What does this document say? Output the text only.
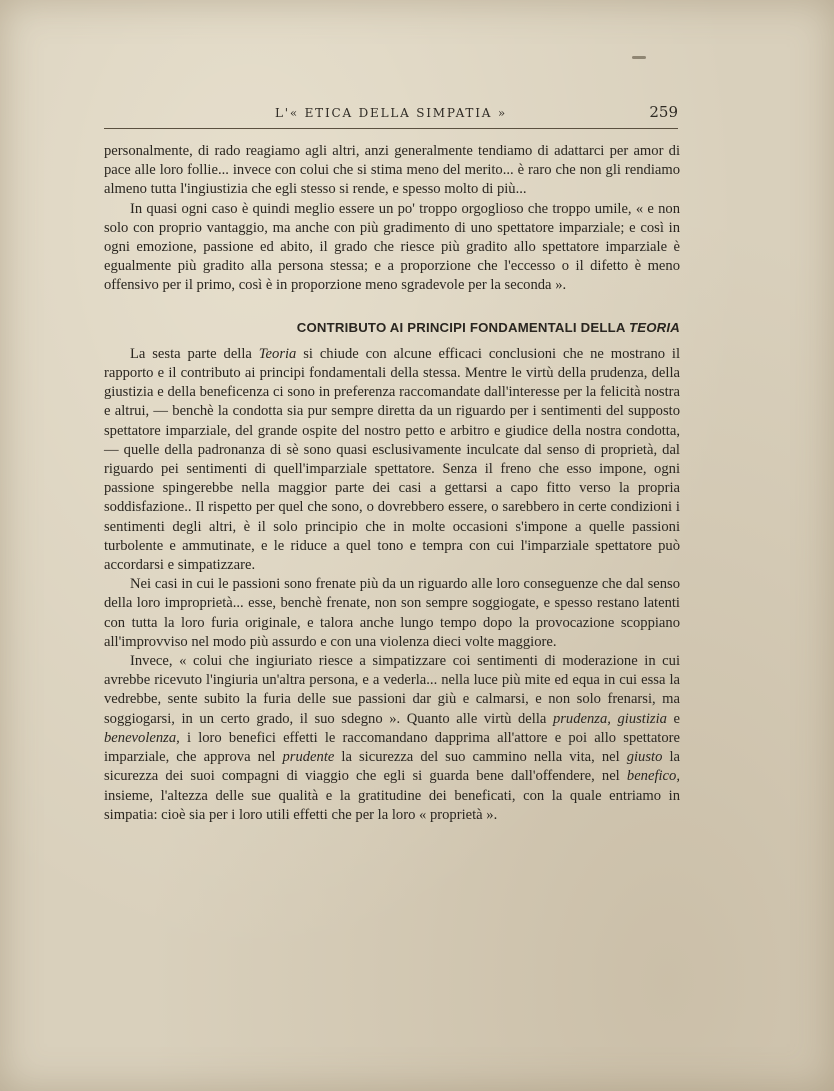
L'« ETICA DELLA SIMPATIA »	259

personalmente, di rado reagiamo agli altri, anzi generalmente tendiamo di adattarci per amor di pace alle loro follie... invece con colui che si stima meno del merito... è raro che non gli rendiamo almeno tutta l'ingiustizia che egli stesso si rende, e spesso molto di più...

In quasi ogni caso è quindi meglio essere un po' troppo orgoglioso che troppo umile, « e non solo con proprio vantaggio, ma anche con più gradimento di uno spettatore imparziale; e così in ogni emozione, passione ed abito, il grado che riesce più gradito allo spettatore imparziale è egualmente più gradito alla persona stessa; e a proporzione che l'eccesso o il difetto è meno offensivo per il primo, così è in proporzione meno sgradevole per la seconda ».

CONTRIBUTO AI PRINCIPI FONDAMENTALI DELLA TEORIA

La sesta parte della Teoria si chiude con alcune efficaci conclusioni che ne mostrano il rapporto e il contributo ai principi fondamentali della stessa. Mentre le virtù della prudenza, della giustizia e della beneficenza ci sono in preferenza raccomandate dall'interesse per la felicità nostra e altrui, — benchè la condotta sia pur sempre diretta da un riguardo per i sentimenti del supposto spettatore imparziale, del grande ospite del nostro petto e arbitro e giudice della nostra condotta, — quelle della padronanza di sè sono quasi esclusivamente inculcate dal senso di proprietà, dal riguardo pei sentimenti di quell'imparziale spettatore. Senza il freno che esso impone, ogni passione spingerebbe nella maggior parte dei casi a gettarsi a capo fitto verso la propria soddisfazione.. Il rispetto per quel che sono, o dovrebbero essere, o sarebbero in certe condizioni i sentimenti degli altri, è il solo principio che in molte occasioni s'impone a quelle passioni turbolente e ammutinate, e le riduce a quel tono e tempra con cui l'imparziale spettatore può accordarsi e simpatizzare.

Nei casi in cui le passioni sono frenate più da un riguardo alle loro conseguenze che dal senso della loro improprietà... esse, benchè frenate, non son sempre soggiogate, e spesso restano latenti con tutta la loro furia originale, e talora anche lungo tempo dopo la provocazione scoppiano all'improvviso nel modo più assurdo e con una violenza dieci volte maggiore.

Invece, « colui che ingiuriato riesce a simpatizzare coi sentimenti di moderazione in cui avrebbe ricevuto l'ingiuria un'altra persona, e a vederla... nella luce più mite ed equa in cui essa la vedrebbe, sente subito la furia delle sue passioni dar giù e calmarsi, e non solo frenarsi, ma soggiogarsi, in un certo grado, il suo sdegno ». Quanto alle virtù della prudenza, giustizia e benevolenza, i loro benefici effetti le raccomandano dapprima all'attore e poi allo spettatore imparziale, che approva nel prudente la sicurezza del suo cammino nella vita, nel giusto la sicurezza dei suoi compagni di viaggio che egli si guarda bene dall'offendere, nel benefico, insieme, l'altezza delle sue qualità e la gratitudine dei beneficati, con la quale entriamo in simpatia: cioè sia per i loro utili effetti che per la loro « proprietà ».
